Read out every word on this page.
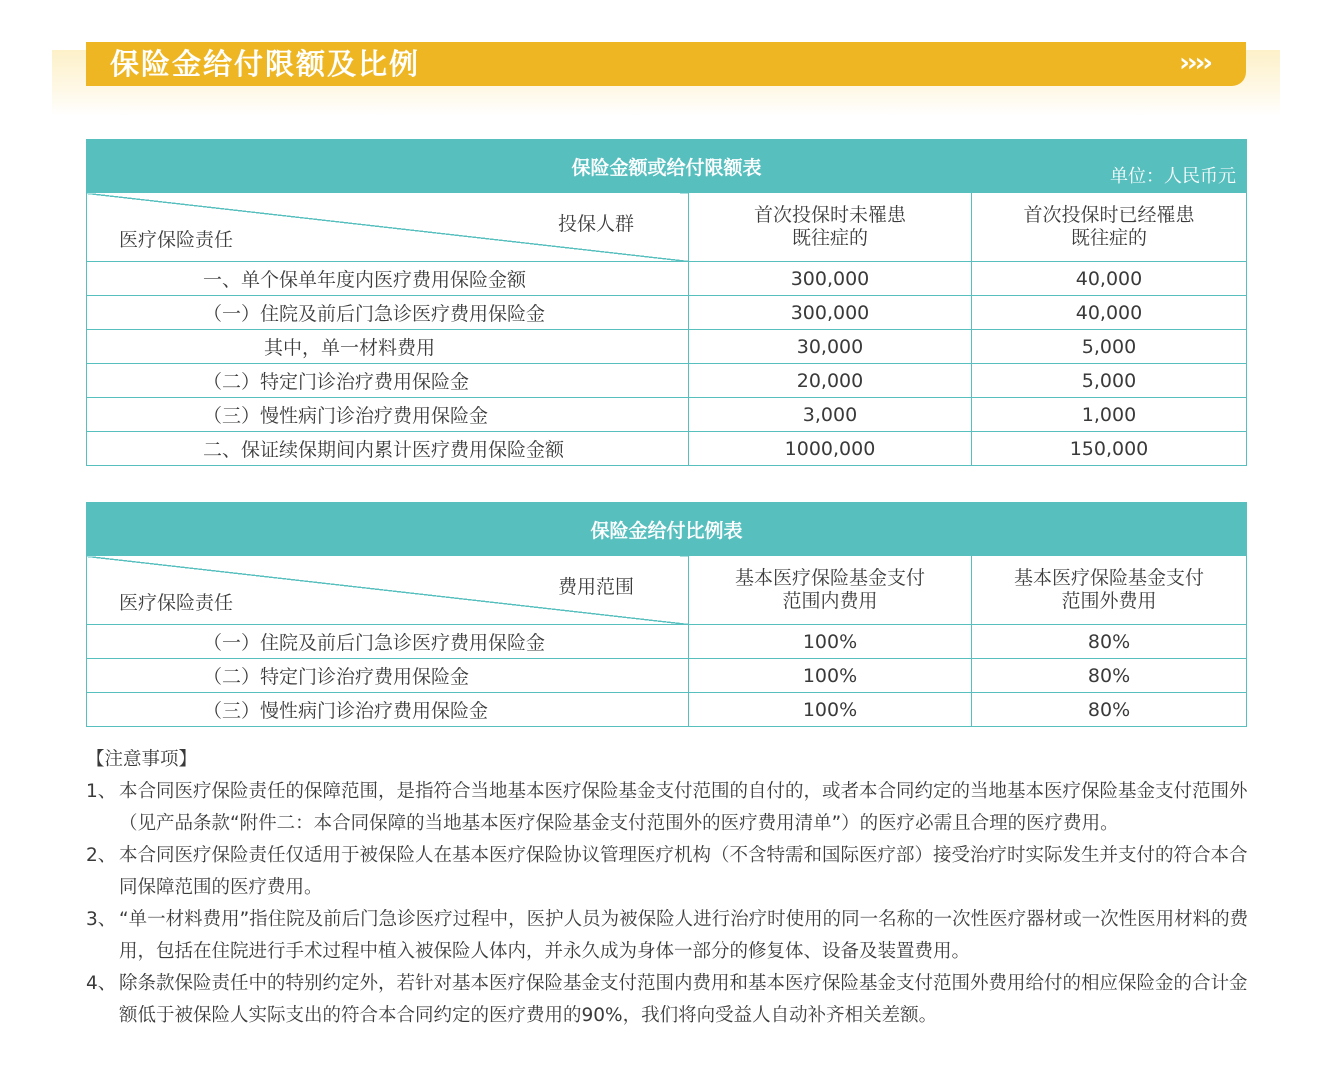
保险金给付限额及比例	››››
保险金额或给付限额表 单位：人民币元		

投保人群
医疗保险责任	首次投保时未罹患既往症的	首次投保时已经罹患既往症的

一、单个保单年度内医疗费用保险金额	300,000	40,000
（一）住院及前后门急诊医疗费用保险金	300,000	40,000
其中，单一材料费用	30,000	5,000
（二）特定门诊治疗费用保险金	20,000	5,000
（三）慢性病门诊治疗费用保险金	3,000	1,000
二、保证续保期间内累计医疗费用保险金额	1000,000	150,000
保险金给付比例表		

费用范围
医疗保险责任	基本医疗保险基金支付范围内费用	基本医疗保险基金支付范围外费用

（一）住院及前后门急诊医疗费用保险金	100%	80%
（二）特定门诊治疗费用保险金	100%	80%
（三）慢性病门诊治疗费用保险金	100%	80%
【注意事项】
1、 本合同医疗保险责任的保障范围，是指符合当地基本医疗保险基金支付范围的自付的，或者本合同约定的当地基本医疗保险基金支付范围外（见产品条款“附件二：本合同保障的当地基本医疗保险基金支付范围外的医疗费用清单”）的医疗必需且合理的医疗费用。
2、 本合同医疗保险责任仅适用于被保险人在基本医疗保险协议管理医疗机构（不含特需和国际医疗部）接受治疗时实际发生并支付的符合本合同保障范围的医疗费用。
3、 “单一材料费用”指住院及前后门急诊医疗过程中，医护人员为被保险人进行治疗时使用的同一名称的一次性医疗器材或一次性医用材料的费用，包括在住院进行手术过程中植入被保险人体内，并永久成为身体一部分的修复体、设备及装置费用。
4、 除条款保险责任中的特别约定外，若针对基本医疗保险基金支付范围内费用和基本医疗保险基金支付范围外费用给付的相应保险金的合计金额低于被保险人实际支出的符合本合同约定的医疗费用的90%，我们将向受益人自动补齐相关差额。
